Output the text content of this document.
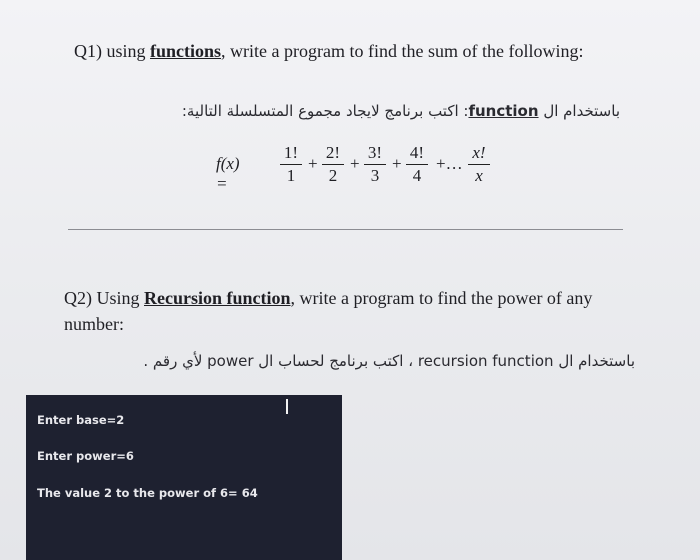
Q1) using functions, write a program to find the sum of the following:
باستخدام ال function: اكتب برنامج لايجاد مجموع المتسلسلة التالية:
f(x) =
1!
1
+
2!
2
+
3!
3
+
4!
4
+…
x!
x
Q2) Using Recursion function, write a program to find the power of any number:
باستخدام ال recursion function ، اكتب برنامج لحساب ال power لأي رقم .
Enter base=2
Enter power=6
The value 2 to the power of 6= 64
